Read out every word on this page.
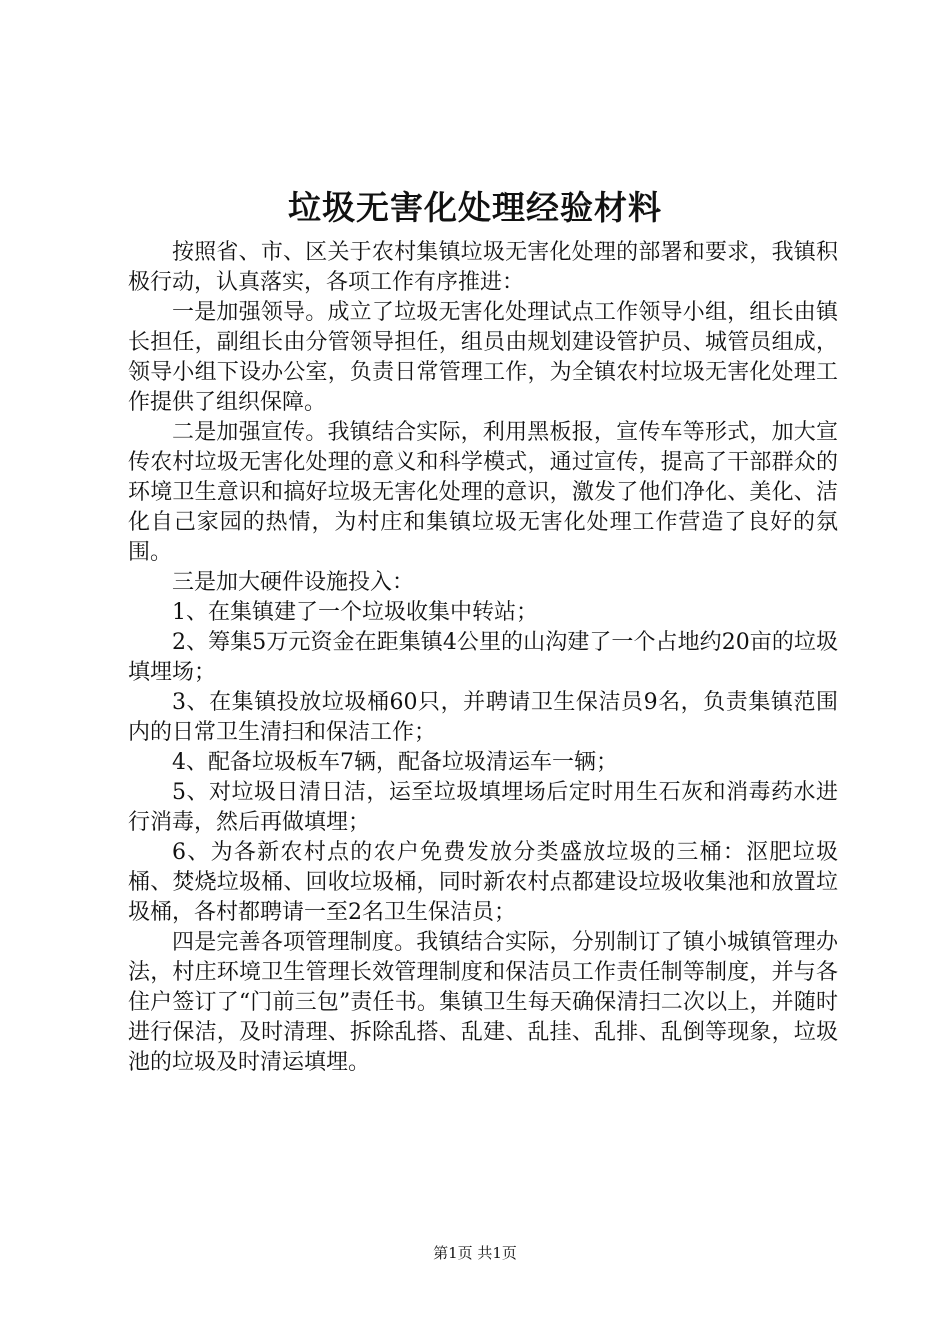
垃圾无害化处理经验材料

按照省、市、区关于农村集镇垃圾无害化处理的部署和要求，我镇积极行动，认真落实，各项工作有序推进：

一是加强领导。成立了垃圾无害化处理试点工作领导小组，组长由镇长担任，副组长由分管领导担任，组员由规划建设管护员、城管员组成，领导小组下设办公室，负责日常管理工作，为全镇农村垃圾无害化处理工作提供了组织保障。

二是加强宣传。我镇结合实际，利用黑板报，宣传车等形式，加大宣传农村垃圾无害化处理的意义和科学模式，通过宣传，提高了干部群众的环境卫生意识和搞好垃圾无害化处理的意识，激发了他们净化、美化、洁化自己家园的热情，为村庄和集镇垃圾无害化处理工作营造了良好的氛围。

三是加大硬件设施投入：

1、在集镇建了一个垃圾收集中转站；

2、筹集5万元资金在距集镇4公里的山沟建了一个占地约20亩的垃圾填埋场；

3、在集镇投放垃圾桶60只，并聘请卫生保洁员9名，负责集镇范围内的日常卫生清扫和保洁工作；

4、配备垃圾板车7辆，配备垃圾清运车一辆；

5、对垃圾日清日洁，运至垃圾填埋场后定时用生石灰和消毒药水进行消毒，然后再做填埋；

6、为各新农村点的农户免费发放分类盛放垃圾的三桶：沤肥垃圾桶、焚烧垃圾桶、回收垃圾桶，同时新农村点都建设垃圾收集池和放置垃圾桶，各村都聘请一至2名卫生保洁员；

四是完善各项管理制度。我镇结合实际，分别制订了镇小城镇管理办法，村庄环境卫生管理长效管理制度和保洁员工作责任制等制度，并与各住户签订了“门前三包”责任书。集镇卫生每天确保清扫二次以上，并随时进行保洁，及时清理、拆除乱搭、乱建、乱挂、乱排、乱倒等现象，垃圾池的垃圾及时清运填埋。

第1页 共1页
